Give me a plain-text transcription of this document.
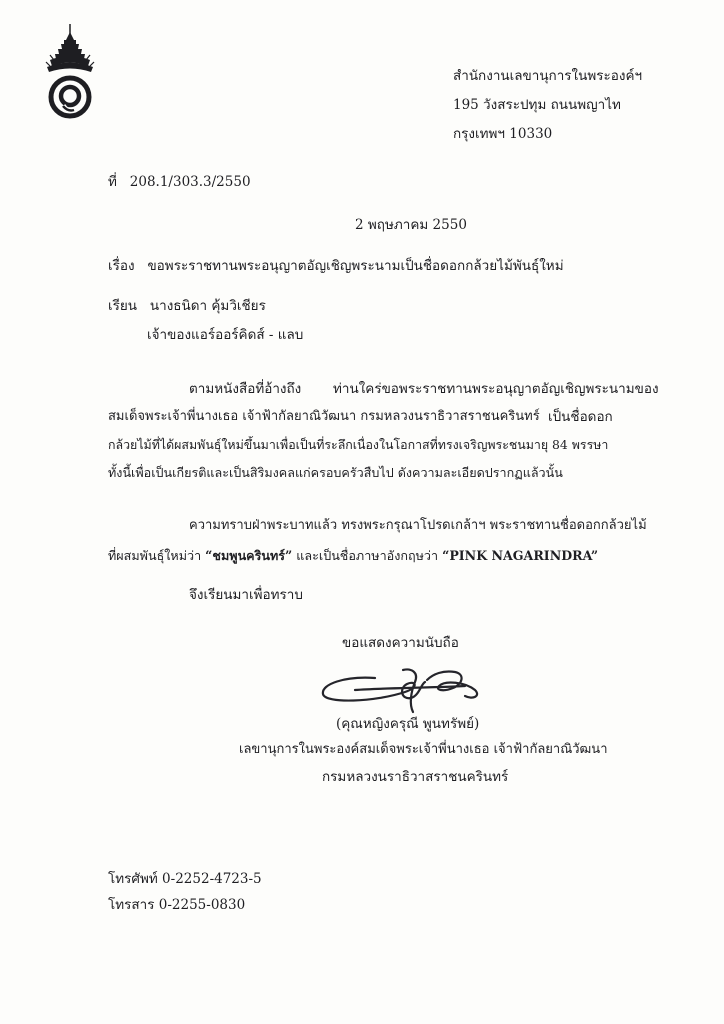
สำนักงานเลขานุการในพระองค์ฯ
195 วังสระปทุม ถนนพญาไท
กรุงเทพฯ 10330
ที่ 208.1/303.3/2550
2 พฤษภาคม 2550
เรื่อง ขอพระราชทานพระอนุญาตอัญเชิญพระนามเป็นชื่อดอกกล้วยไม้พันธุ์ใหม่
เรียน นางธนิดา คุ้มวิเชียร
เจ้าของแอร์ออร์คิดส์ - แลบ
ตามหนังสือที่อ้างถึง ท่านใคร่ขอพระราชทานพระอนุญาตอัญเชิญพระนามของ
สมเด็จพระเจ้าพี่นางเธอ เจ้าฟ้ากัลยาณิวัฒนา กรมหลวงนราธิวาสราชนครินทร์ เป็นชื่อดอก
กล้วยไม้ที่ได้ผสมพันธุ์ใหม่ขึ้นมาเพื่อเป็นที่ระลึกเนื่องในโอกาสที่ทรงเจริญพระชนมายุ 84 พรรษา
ทั้งนี้เพื่อเป็นเกียรติและเป็นสิริมงคลแก่ครอบครัวสืบไป ดังความละเอียดปรากฏแล้วนั้น
ความทราบฝ่าพระบาทแล้ว ทรงพระกรุณาโปรดเกล้าฯ พระราชทานชื่อดอกกล้วยไม้
ที่ผสมพันธุ์ใหม่ว่า “ชมพูนครินทร์” และเป็นชื่อภาษาอังกฤษว่า “PINK NAGARINDRA”
จึงเรียนมาเพื่อทราบ
ขอแสดงความนับถือ
(คุณหญิงครุณี พูนทรัพย์)
เลขานุการในพระองค์สมเด็จพระเจ้าพี่นางเธอ เจ้าฟ้ากัลยาณิวัฒนา
กรมหลวงนราธิวาสราชนครินทร์
โทรศัพท์ 0-2252-4723-5
โทรสาร 0-2255-0830
